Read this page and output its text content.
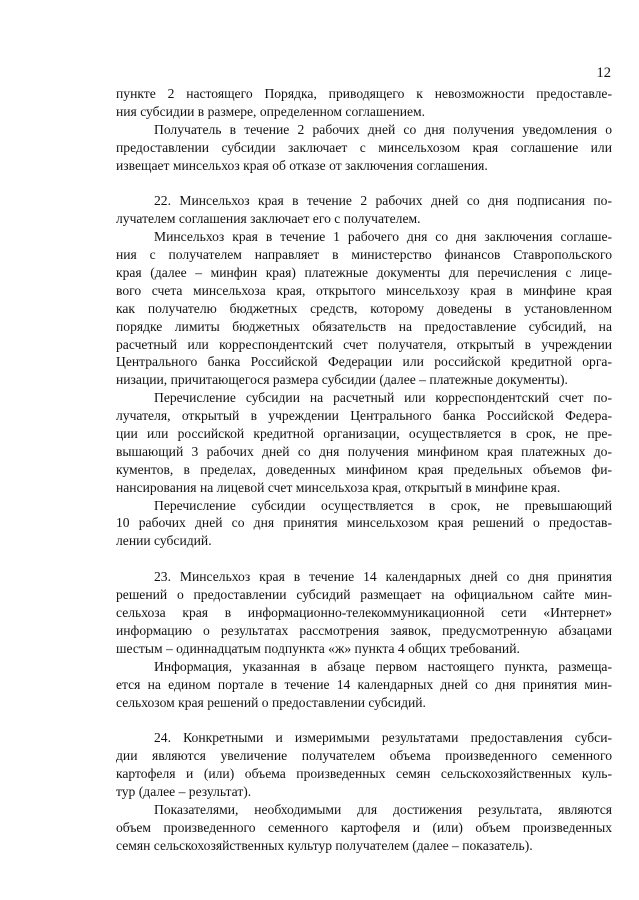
12
пункте 2 настоящего Порядка, приводящего к невозможности предоставле-
ния субсидии в размере, определенном соглашением.
Получатель в течение 2 рабочих дней со дня получения уведомления о
предоставлении субсидии заключает с минсельхозом края соглашение или
извещает минсельхоз края об отказе от заключения соглашения.
22. Минсельхоз края в течение 2 рабочих дней со дня подписания по-
лучателем соглашения заключает его с получателем.
Минсельхоз края в течение 1 рабочего дня со дня заключения соглаше-
ния с получателем направляет в министерство финансов Ставропольского
края (далее – минфин края) платежные документы для перечисления с лице-
вого счета минсельхоза края, открытого минсельхозу края в минфине края
как получателю бюджетных средств, которому доведены в установленном
порядке лимиты бюджетных обязательств на предоставление субсидий, на
расчетный или корреспондентский счет получателя, открытый в учреждении
Центрального банка Российской Федерации или российской кредитной орга-
низации, причитающегося размера субсидии (далее – платежные документы).
Перечисление субсидии на расчетный или корреспондентский счет по-
лучателя, открытый в учреждении Центрального банка Российской Федера-
ции или российской кредитной организации, осуществляется в срок, не пре-
вышающий 3 рабочих дней со дня получения минфином края платежных до-
кументов, в пределах, доведенных минфином края предельных объемов фи-
нансирования на лицевой счет минсельхоза края, открытый в минфине края.
Перечисление субсидии осуществляется в срок, не превышающий
10 рабочих дней со дня принятия минсельхозом края решений о предостав-
лении субсидий.
23. Минсельхоз края в течение 14 календарных дней со дня принятия
решений о предоставлении субсидий размещает на официальном сайте мин-
сельхоза края в информационно-телекоммуникационной сети «Интернет»
информацию о результатах рассмотрения заявок, предусмотренную абзацами
шестым – одиннадцатым подпункта «ж» пункта 4 общих требований.
Информация, указанная в абзаце первом настоящего пункта, размеща-
ется на едином портале в течение 14 календарных дней со дня принятия мин-
сельхозом края решений о предоставлении субсидий.
24. Конкретными и измеримыми результатами предоставления субси-
дии являются увеличение получателем объема произведенного семенного
картофеля и (или) объема произведенных семян сельскохозяйственных куль-
тур (далее – результат).
Показателями, необходимыми для достижения результата, являются
объем произведенного семенного картофеля и (или) объем произведенных
семян сельскохозяйственных культур получателем (далее – показатель).
